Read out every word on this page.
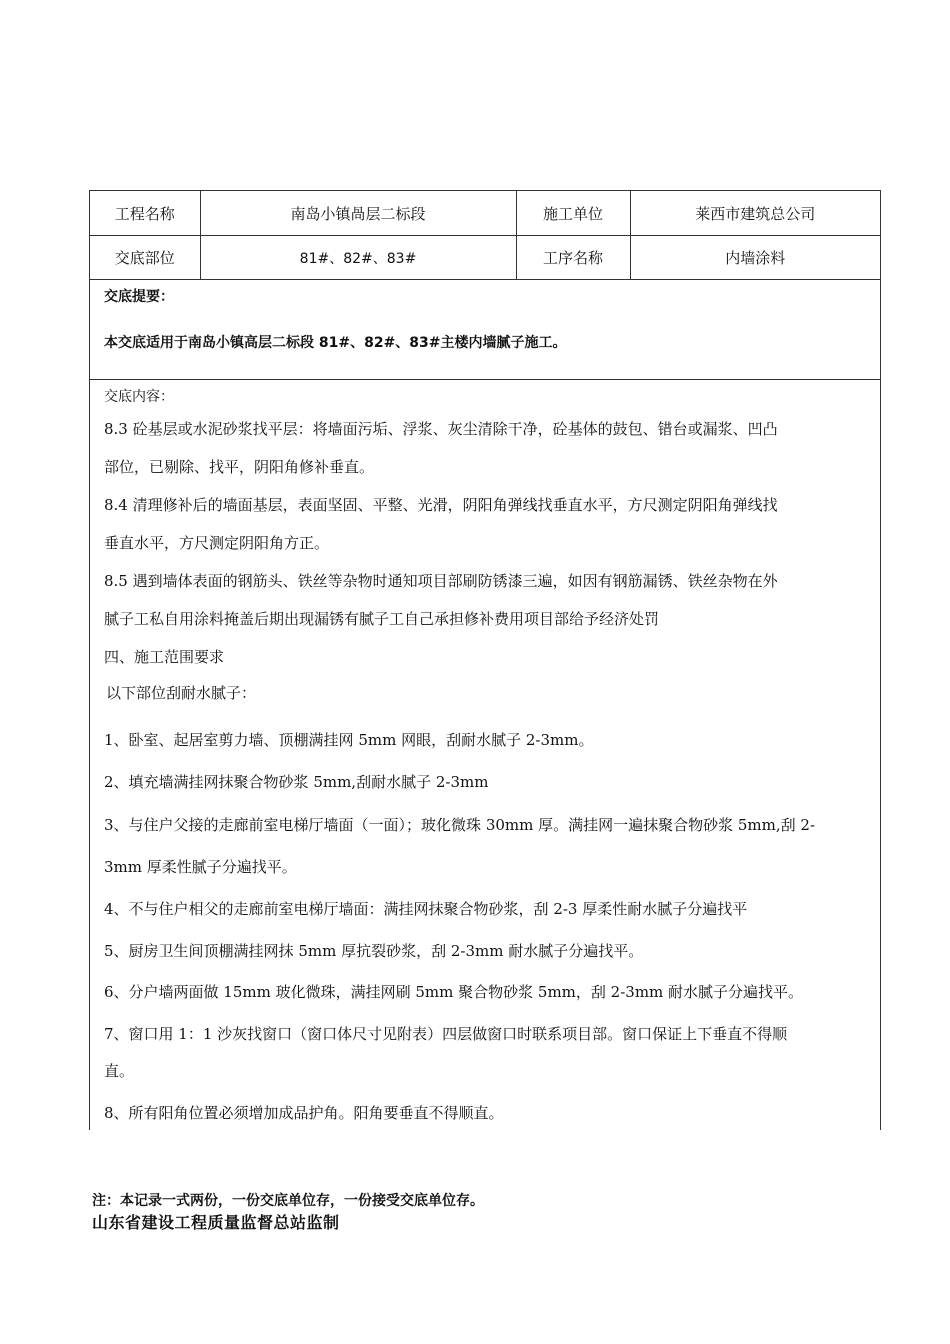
工程名称	南岛小镇咼层二标段	施工单位	莱西市建筑总公司
交底部位	81#、82#、83#	工序名称	内墙涂料
交底提要：
本交底适用于南岛小镇高层二标段 81#、82#、83#主楼内墙腻子施工。
交底内容：
8.3 砼基层或水泥砂浆找平层：将墙面污垢、浮浆、灰尘清除干净，砼基体的鼓包、错台或漏浆、凹凸
部位，已剔除、找平，阴阳角修补垂直。
8.4 清理修补后的墙面基层，表面坚固、平整、光滑，阴阳角弹线找垂直水平，方尺测定阴阳角弹线找
垂直水平，方尺测定阴阳角方正。
8.5 遇到墙体表面的钢筋头、铁丝等杂物时通知项目部刷防锈漆三遍，如因有钢筋漏锈、铁丝杂物在外
腻子工私自用涂料掩盖后期出现漏锈有腻子工自己承担修补费用项目部给予经济处罚
四、施工范围要求
以下部位刮耐水腻子：
1、卧室、起居室剪力墙、顶棚满挂网 5mm 网眼，刮耐水腻子 2-3mm。
2、填充墙满挂网抹聚合物砂浆 5mm,刮耐水腻子 2-3mm
3、与住户父接的走廊前室电梯厅墙面（一面）；玻化微珠 30mm 厚。满挂网一遍抹聚合物砂浆 5mm,刮 2-
3mm 厚柔性腻子分遍找平。
4、不与住户相父的走廊前室电梯厅墙面：满挂网抹聚合物砂浆，刮 2-3 厚柔性耐水腻子分遍找平
5、厨房卫生间顶棚满挂网抹 5mm 厚抗裂砂浆，刮 2-3mm 耐水腻子分遍找平。
6、分户墙两面做 15mm 玻化微珠，满挂网刷 5mm 聚合物砂浆 5mm，刮 2-3mm 耐水腻子分遍找平。
7、窗口用 1：1 沙灰找窗口（窗口体尺寸见附表）四层做窗口时联系项目部。窗口保证上下垂直不得顺
直。
8、所有阳角位置必须增加成品护角。阳角要垂直不得顺直。
注：本记录一式两份，一份交底单位存，一份接受交底单位存。
山东省建设工程质量监督总站监制
